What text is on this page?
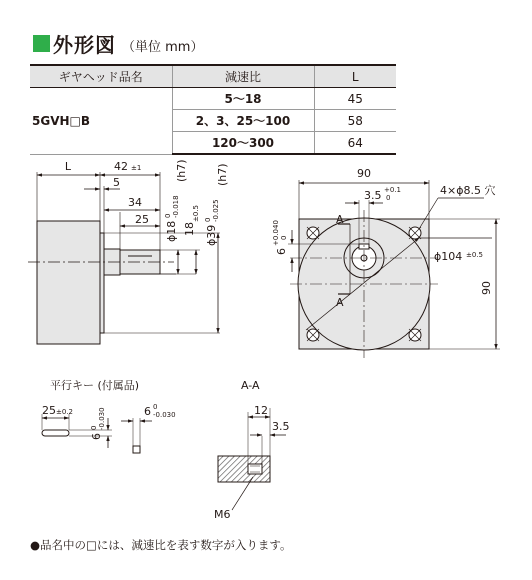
外形図 （単位 mm）
ギヤヘッド品名	減速比	L
5GVH□B	5～18	45
	2、3、25～100	58
	120～300	64
L	42 ±1
5
34
25
ϕ18
0 -0.018
(h7)
18
±0.5
ϕ39
0 -0.025
(h7)	90
3.5 +0.1
0
4×ϕ8.5 穴
A
A
6
+0.040 0
ϕ104 ±0.5
90
平行キー (付属品)
25 ±0.2
6
0 -0.030	6 0
-0.030
A-A
12
3.5
M6
●品名中の□には、減速比を表す数字が入ります。
